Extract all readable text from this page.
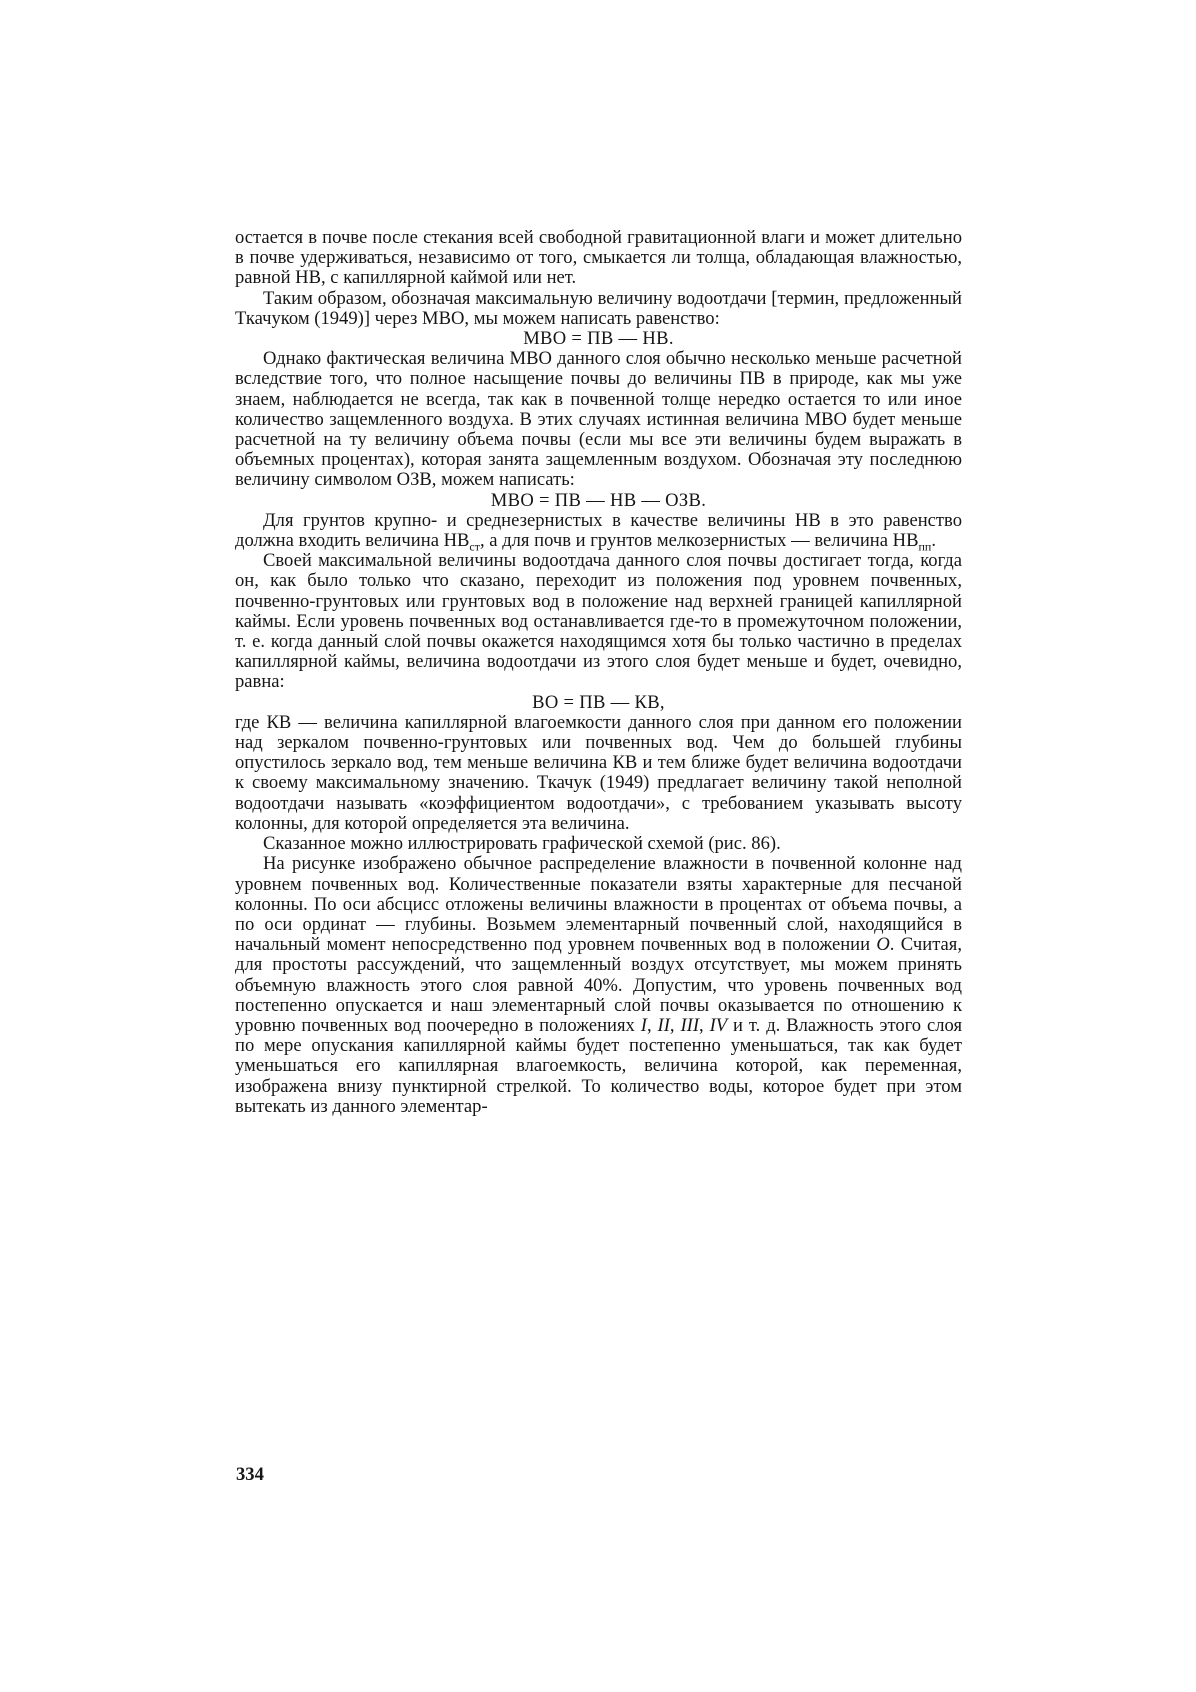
остается в почве после стекания всей свободной гравитационной влаги и может длительно в почве удерживаться, независимо от того, смыкается ли толща, обладающая влажностью, равной НВ, с капиллярной каймой или нет.

Таким образом, обозначая максимальную величину водоотдачи [термин, предложенный Ткачуком (1949)] через МВО, мы можем написать равенство:

МВО = ПВ — НВ.

Однако фактическая величина МВО данного слоя обычно несколько меньше расчетной вследствие того, что полное насыщение почвы до величины ПВ в природе, как мы уже знаем, наблюдается не всегда, так как в почвенной толще нередко остается то или иное количество защемленного воздуха. В этих случаях истинная величина МВО будет меньше расчетной на ту величину объема почвы (если мы все эти величины будем выражать в объемных процентах), которая занята защемленным воздухом. Обозначая эту последнюю величину символом ОЗВ, можем написать:

МВО = ПВ — НВ — ОЗВ.

Для грунтов крупно- и среднезернистых в качестве величины НВ в это равенство должна входить величина $НВ_{ст}$, а для почв и грунтов мелкозернистых — величина $НВ_{пп}$.

Своей максимальной величины водоотдача данного слоя почвы достигает тогда, когда он, как было только что сказано, переходит из положения под уровнем почвенных, почвенно-грунтовых или грунтовых вод в положение над верхней границей капиллярной каймы. Если уровень почвенных вод останавливается где-то в промежуточном положении, т. е. когда данный слой почвы окажется находящимся хотя бы только частично в пределах капиллярной каймы, величина водоотдачи из этого слоя будет меньше и будет, очевидно, равна:

ВО = ПВ — КВ,

где КВ — величина капиллярной влагоемкости данного слоя при данном его положении над зеркалом почвенно-грунтовых или почвенных вод. Чем до большей глубины опустилось зеркало вод, тем меньше величина КВ и тем ближе будет величина водоотдачи к своему максимальному значению. Ткачук (1949) предлагает величину такой неполной водоотдачи называть «коэффициентом водоотдачи», с требованием указывать высоту колонны, для которой определяется эта величина.

Сказанное можно иллюстрировать графической схемой (рис. 86).

На рисунке изображено обычное распределение влажности в почвенной колонне над уровнем почвенных вод. Количественные показатели взяты характерные для песчаной колонны. По оси абсцисс отложены величины влажности в процентах от объема почвы, а по оси ординат — глубины. Возьмем элементарный почвенный слой, находящийся в начальный момент непосредственно под уровнем почвенных вод в положении О. Считая, для простоты рассуждений, что защемленный воздух отсутствует, мы можем принять объемную влажность этого слоя равной 40%. Допустим, что уровень почвенных вод постепенно опускается и наш элементарный слой почвы оказывается по отношению к уровню почвенных вод поочередно в положениях I, II, III, IV и т. д. Влажность этого слоя по мере опускания капиллярной каймы будет постепенно уменьшаться, так как будет уменьшаться его капиллярная влагоемкость, величина которой, как переменная, изображена внизу пунктирной стрелкой. То количество воды, которое будет при этом вытекать из данного элементар-

334
